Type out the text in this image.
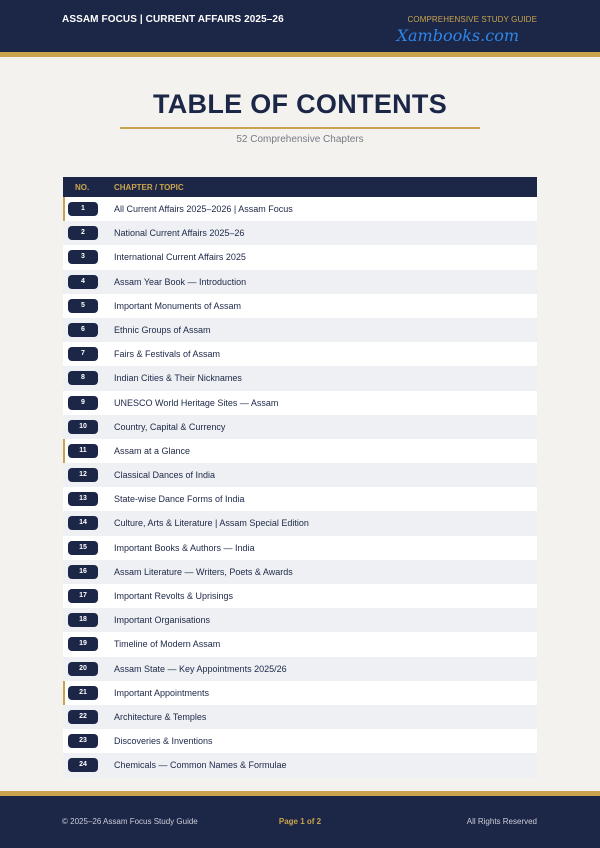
ASSAM FOCUS | CURRENT AFFAIRS 2025–26	COMPREHENSIVE STUDY GUIDE
Xambooks.com
TABLE OF CONTENTS
52 Comprehensive Chapters
NO.	CHAPTER / TOPIC
1	All Current Affairs 2025–2026 | Assam Focus
2	National Current Affairs 2025–26
3	International Current Affairs 2025
4	Assam Year Book — Introduction
5	Important Monuments of Assam
6	Ethnic Groups of Assam
7	Fairs & Festivals of Assam
8	Indian Cities & Their Nicknames
9	UNESCO World Heritage Sites — Assam
10	Country, Capital & Currency
11	Assam at a Glance
12	Classical Dances of India
13	State-wise Dance Forms of India
14	Culture, Arts & Literature | Assam Special Edition
15	Important Books & Authors — India
16	Assam Literature — Writers, Poets & Awards
17	Important Revolts & Uprisings
18	Important Organisations
19	Timeline of Modern Assam
20	Assam State — Key Appointments 2025/26
21	Important Appointments
22	Architecture & Temples
23	Discoveries & Inventions
24	Chemicals — Common Names & Formulae
© 2025–26 Assam Focus Study Guide	Page 1 of 2	All Rights Reserved
